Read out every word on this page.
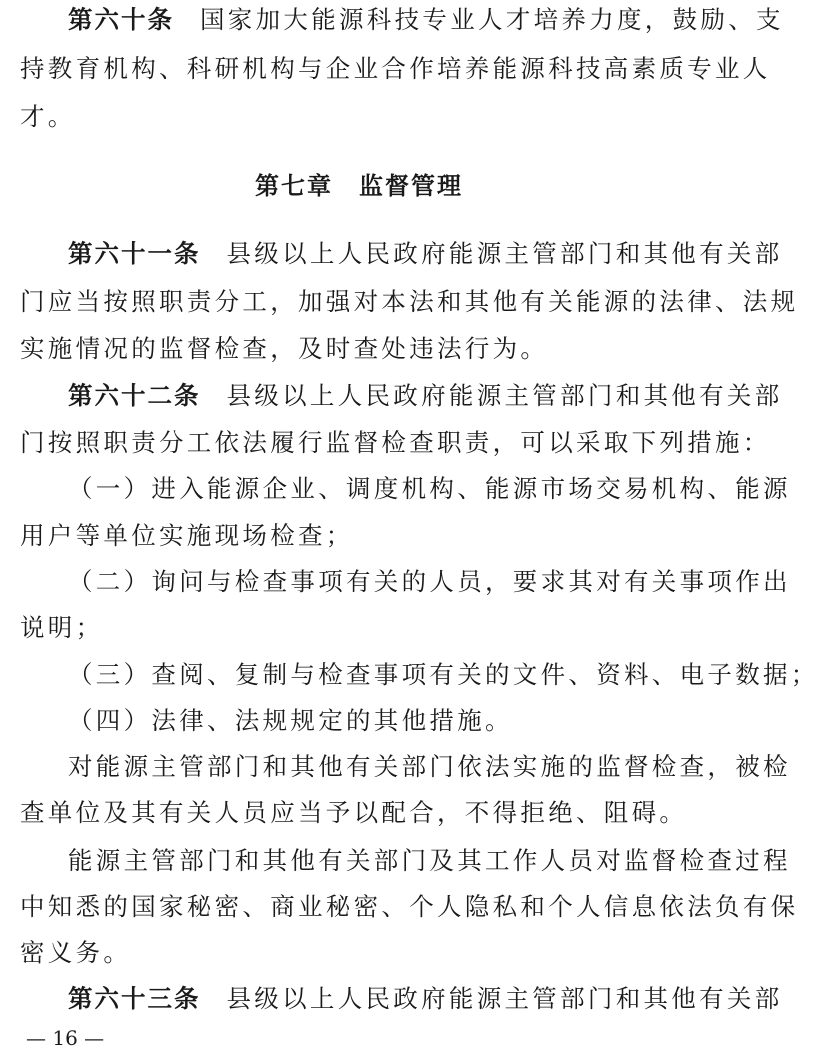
第六十条 国家加大能源科技专业人才培养力度，鼓励、支
持教育机构、科研机构与企业合作培养能源科技高素质专业人
才。
第七章 监督管理
第六十一条 县级以上人民政府能源主管部门和其他有关部
门应当按照职责分工，加强对本法和其他有关能源的法律、法规
实施情况的监督检查，及时查处违法行为。
第六十二条 县级以上人民政府能源主管部门和其他有关部
门按照职责分工依法履行监督检查职责，可以采取下列措施：
（一）进入能源企业、调度机构、能源市场交易机构、能源
用户等单位实施现场检查；
（二）询问与检查事项有关的人员，要求其对有关事项作出
说明；
（三）查阅、复制与检查事项有关的文件、资料、电子数据；
（四）法律、法规规定的其他措施。
对能源主管部门和其他有关部门依法实施的监督检查，被检
查单位及其有关人员应当予以配合，不得拒绝、阻碍。
能源主管部门和其他有关部门及其工作人员对监督检查过程
中知悉的国家秘密、商业秘密、个人隐私和个人信息依法负有保
密义务。
第六十三条 县级以上人民政府能源主管部门和其他有关部
— 16 —
